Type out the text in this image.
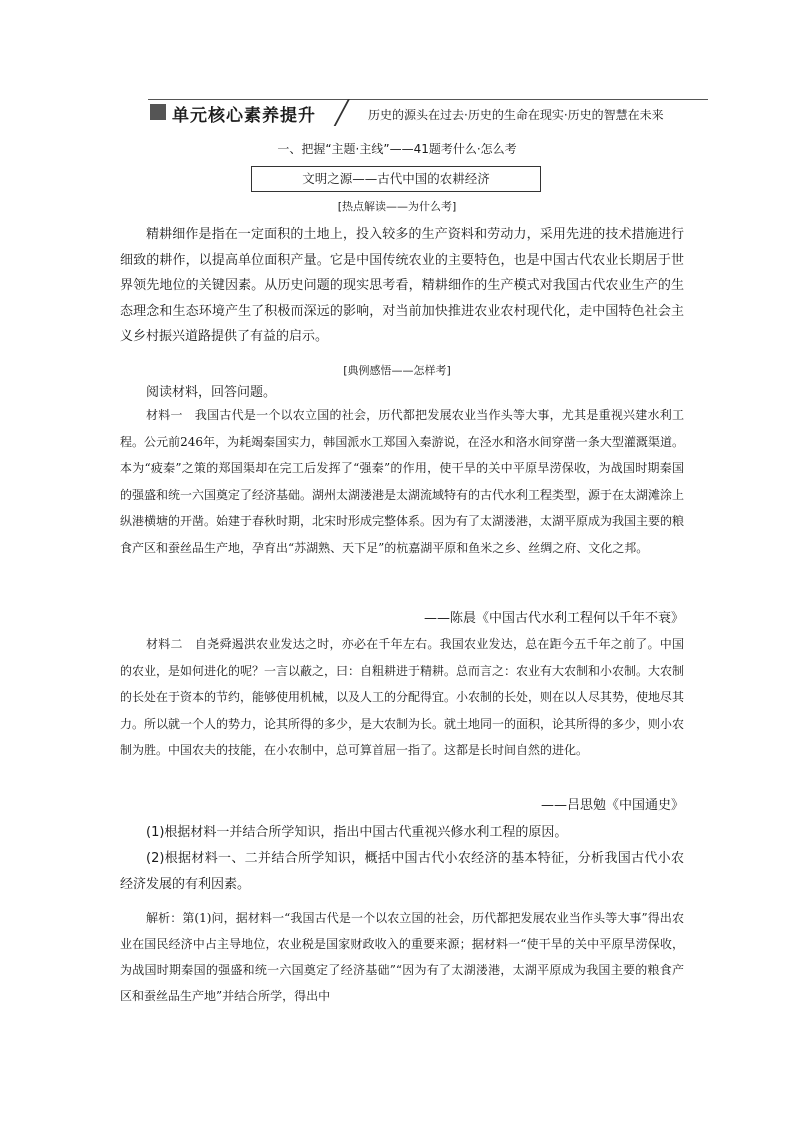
单元核心素养提升	历史的源头在过去·历史的生命在现实·历史的智慧在未来
一、把握“主题·主线”——41题考什么·怎么考
文明之源——古代中国的农耕经济
[热点解读——为什么考]
精耕细作是指在一定面积的土地上，投入较多的生产资料和劳动力，采用先进的技术措施进行细致的耕作，以提高单位面积产量。它是中国传统农业的主要特色，也是中国古代农业长期居于世界领先地位的关键因素。从历史问题的现实思考看，精耕细作的生产模式对我国古代农业生产的生态理念和生态环境产生了积极而深远的影响，对当前加快推进农业农村现代化，走中国特色社会主义乡村振兴道路提供了有益的启示。
[典例感悟——怎样考]
阅读材料，回答问题。
材料一　我国古代是一个以农立国的社会，历代都把发展农业当作头等大事，尤其是重视兴建水利工程。公元前246年，为耗竭秦国实力，韩国派水工郑国入秦游说，在泾水和洛水间穿凿一条大型灌溉渠道。本为“疲秦”之策的郑国渠却在完工后发挥了“强秦”的作用，使干旱的关中平原旱涝保收，为战国时期秦国的强盛和统一六国奠定了经济基础。湖州太湖溇港是太湖流域特有的古代水利工程类型，源于在太湖滩涂上纵港横塘的开凿。始建于春秋时期，北宋时形成完整体系。因为有了太湖溇港，太湖平原成为我国主要的粮食产区和蚕丝品生产地，孕育出“苏湖熟、天下足”的杭嘉湖平原和鱼米之乡、丝绸之府、文化之邦。
——陈晨《中国古代水利工程何以千年不衰》
材料二　自尧舜遏洪农业发达之时，亦必在千年左右。我国农业发达，总在距今五千年之前了。中国的农业，是如何进化的呢？一言以蔽之，曰：自粗耕进于精耕。总而言之：农业有大农制和小农制。大农制的长处在于资本的节约，能够使用机械，以及人工的分配得宜。小农制的长处，则在以人尽其势，使地尽其力。所以就一个人的势力，论其所得的多少，是大农制为长。就土地同一的面积，论其所得的多少，则小农制为胜。中国农夫的技能，在小农制中，总可算首屈一指了。这都是长时间自然的进化。
——吕思勉《中国通史》
(1)根据材料一并结合所学知识，指出中国古代重视兴修水利工程的原因。
(2)根据材料一、二并结合所学知识，概括中国古代小农经济的基本特征，分析我国古代小农经济发展的有利因素。
解析：第(1)问，据材料一“我国古代是一个以农立国的社会，历代都把发展农业当作头等大事”得出农业在国民经济中占主导地位，农业税是国家财政收入的重要来源；据材料一“使干旱的关中平原旱涝保收，为战国时期秦国的强盛和统一六国奠定了经济基础”“因为有了太湖溇港，太湖平原成为我国主要的粮食产区和蚕丝品生产地”并结合所学，得出中
